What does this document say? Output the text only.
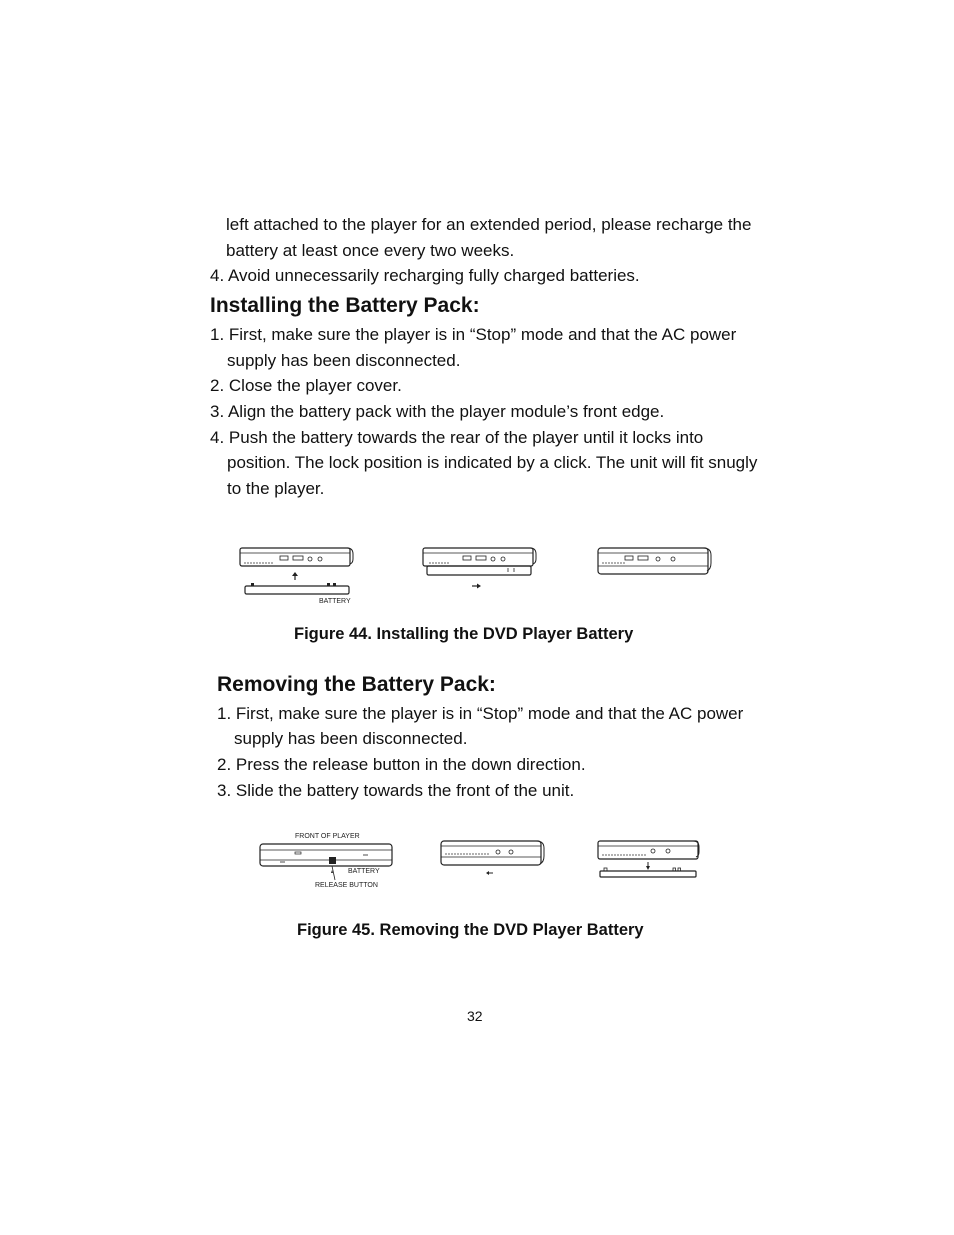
left attached to the player for an extended period, please recharge the
battery at least once every two weeks.
4. Avoid unnecessarily recharging fully charged batteries.
Installing the Battery Pack:
1. First, make sure the player is in “Stop” mode and that the AC power
supply has been disconnected.
2. Close the player cover.
3. Align the battery pack with the player module’s front edge.
4. Push the battery towards the rear of the player until it locks into
position. The lock position is indicated by a click. The unit will fit snugly
to the player.
BATTERY
Figure 44. Installing the DVD Player Battery
Removing the Battery Pack:
1. First, make sure the player is in “Stop” mode and that the AC power
supply has been disconnected.
2. Press the release button in the down direction.
3. Slide the battery towards the front of the unit.
FRONT OF PLAYER
BATTERY
RELEASE BUTTON
Figure 45. Removing the DVD Player Battery
32
